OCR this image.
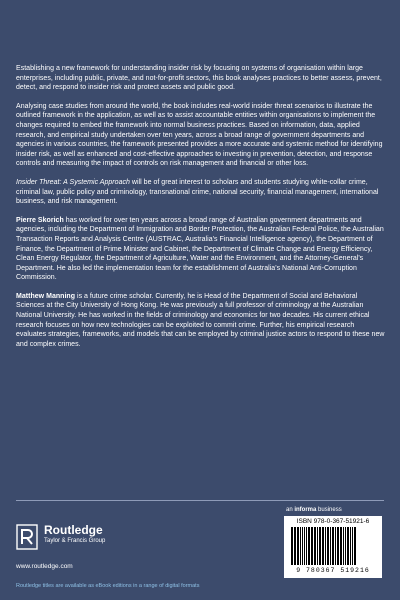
Establishing a new framework for understanding insider risk by focusing on systems of organisation within large enterprises, including public, private, and not-for-profit sectors, this book analyses practices to better assess, prevent, detect, and respond to insider risk and protect assets and public good.

Analysing case studies from around the world, the book includes real-world insider threat scenarios to illustrate the outlined framework in the application, as well as to assist accountable entities within organisations to implement the changes required to embed the framework into normal business practices. Based on information, data, applied research, and empirical study undertaken over ten years, across a broad range of government departments and agencies in various countries, the framework presented provides a more accurate and systemic method for identifying insider risk, as well as enhanced and cost-effective approaches to investing in prevention, detection, and response controls and measuring the impact of controls on risk management and financial or other loss.

Insider Threat: A Systemic Approach will be of great interest to scholars and students studying white-collar crime, criminal law, public policy and criminology, transnational crime, national security, financial management, international business, and risk management.

Pierre Skorich has worked for over ten years across a broad range of Australian government departments and agencies, including the Department of Immigration and Border Protection, the Australian Federal Police, the Australian Transaction Reports and Analysis Centre (AUSTRAC, Australia's Financial Intelligence agency), the Department of Finance, the Department of Prime Minister and Cabinet, the Department of Climate Change and Energy Efficiency, Clean Energy Regulator, the Department of Agriculture, Water and the Environment, and the Attorney-General's Department. He also led the implementation team for the establishment of Australia's National Anti-Corruption Commission.

Matthew Manning is a future crime scholar. Currently, he is Head of the Department of Social and Behavioral Sciences at the City University of Hong Kong. He was previously a full professor of criminology at the Australian National University. He has worked in the fields of criminology and economics for two decades. His current ethical research focuses on how new technologies can be exploited to commit crime. Further, his empirical research evaluates strategies, frameworks, and models that can be employed by criminal justice actors to respond to these new and complex crimes.

Routledge
Taylor & Francis Group
www.routledge.com
an informa business
ISBN 978-0-367-51921-6
9 780367 519216
Routledge titles are available as eBook editions in a range of digital formats
